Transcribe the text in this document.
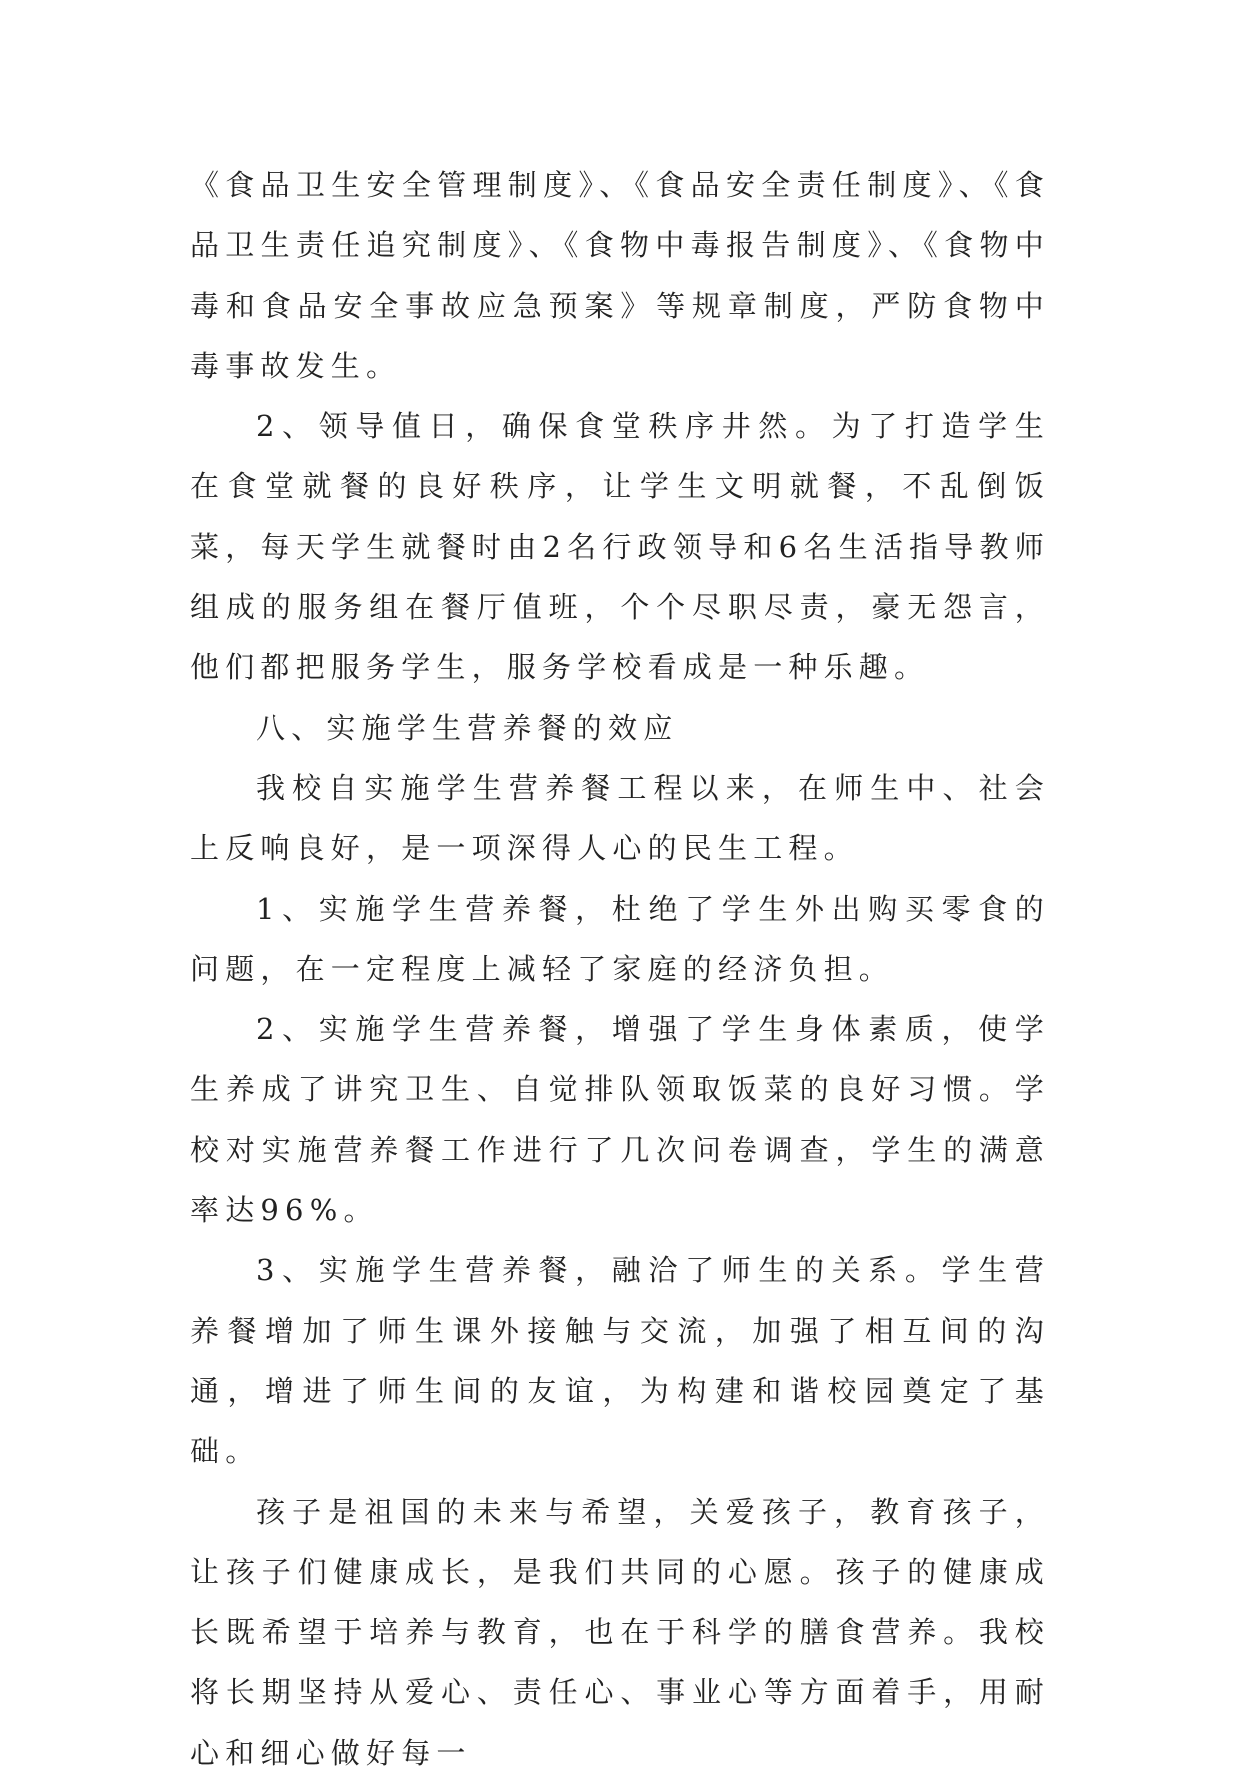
《食品卫生安全管理制度》、《食品安全责任制度》、《食品卫生责任追究制度》、《食物中毒报告制度》、《食物中毒和食品安全事故应急预案》等规章制度，严防食物中毒事故发生。

2、领导值日，确保食堂秩序井然。为了打造学生在食堂就餐的良好秩序，让学生文明就餐，不乱倒饭菜，每天学生就餐时由2名行政领导和6名生活指导教师组成的服务组在餐厅值班，个个尽职尽责，豪无怨言，他们都把服务学生，服务学校看成是一种乐趣。

八、实施学生营养餐的效应

我校自实施学生营养餐工程以来，在师生中、社会上反响良好，是一项深得人心的民生工程。

1、实施学生营养餐，杜绝了学生外出购买零食的问题，在一定程度上减轻了家庭的经济负担。

2、实施学生营养餐，增强了学生身体素质，使学生养成了讲究卫生、自觉排队领取饭菜的良好习惯。学校对实施营养餐工作进行了几次问卷调查，学生的满意率达96%。

3、实施学生营养餐，融洽了师生的关系。学生营养餐增加了师生课外接触与交流，加强了相互间的沟通，增进了师生间的友谊，为构建和谐校园奠定了基础。

孩子是祖国的未来与希望，关爱孩子，教育孩子，让孩子们健康成长，是我们共同的心愿。孩子的健康成长既希望于培养与教育，也在于科学的膳食营养。我校将长期坚持从爱心、责任心、事业心等方面着手，用耐心和细心做好每一
